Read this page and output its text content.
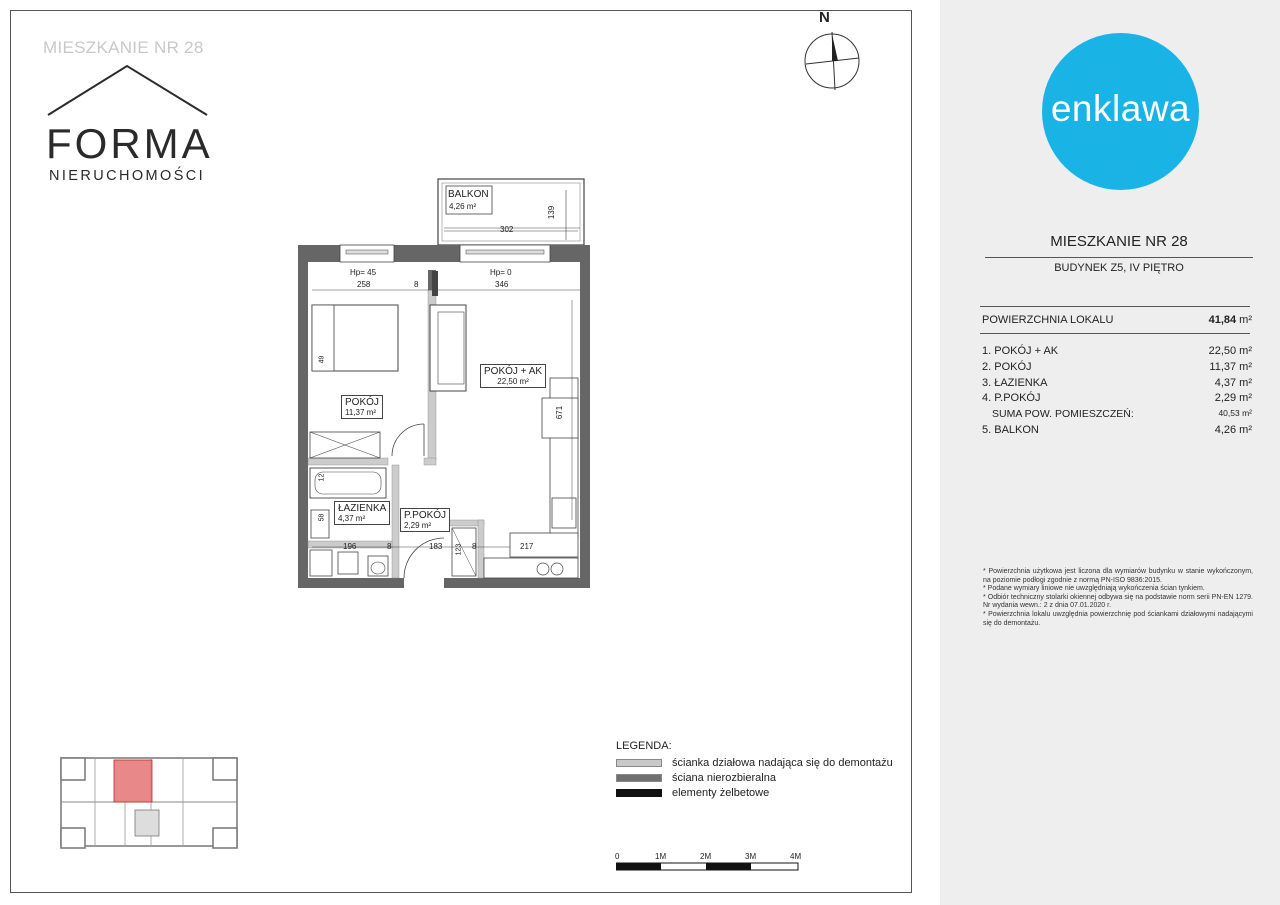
MIESZKANIE NR 28
FORMA
NIERUCHOMOŚCI
N
BALKON
4,26 m²
302
139
Hp= 45	Hp= 0
258	8	346
49
POKÓJ + AK
22,50 m²
671
POKÓJ
11,37 m²
12
58
ŁAZIENKA
4,37 m²	P.POKÓJ
2,29 m²
196	8	183 123 8	217
LEGENDA:
ścianka działowa nadająca się do demontażu
ściana nierozbieralna
elementy żelbetowe
0	1M	2M	3M	4M
enklawa
MIESZKANIE NR 28
BUDYNEK Z5, IV PIĘTRO
POWIERZCHNIA LOKALU	41,84 m²
1. POKÓJ + AK	22,50 m²
2. POKÓJ	11,37 m²
3. ŁAZIENKA	4,37 m²
4. P.POKÓJ	2,29 m²
SUMA POW. POMIESZCZEŃ:	40,53 m²
5. BALKON	4,26 m²
* Powierzchnia użytkowa jest liczona dla wymiarów budynku w stanie wykończonym, na poziomie podłogi zgodnie z normą PN-ISO 9836:2015.
* Podane wymiary liniowe nie uwzględniają wykończenia ścian tynkiem.
* Odbiór techniczny stolarki okiennej odbywa się na podstawie norm serii PN-EN 1279. Nr wydania wewn.: 2 z dnia 07.01.2020 r.
* Powierzchnia lokalu uwzględnia powierzchnię pod ściankami działowymi nadającymi się do demontażu.
